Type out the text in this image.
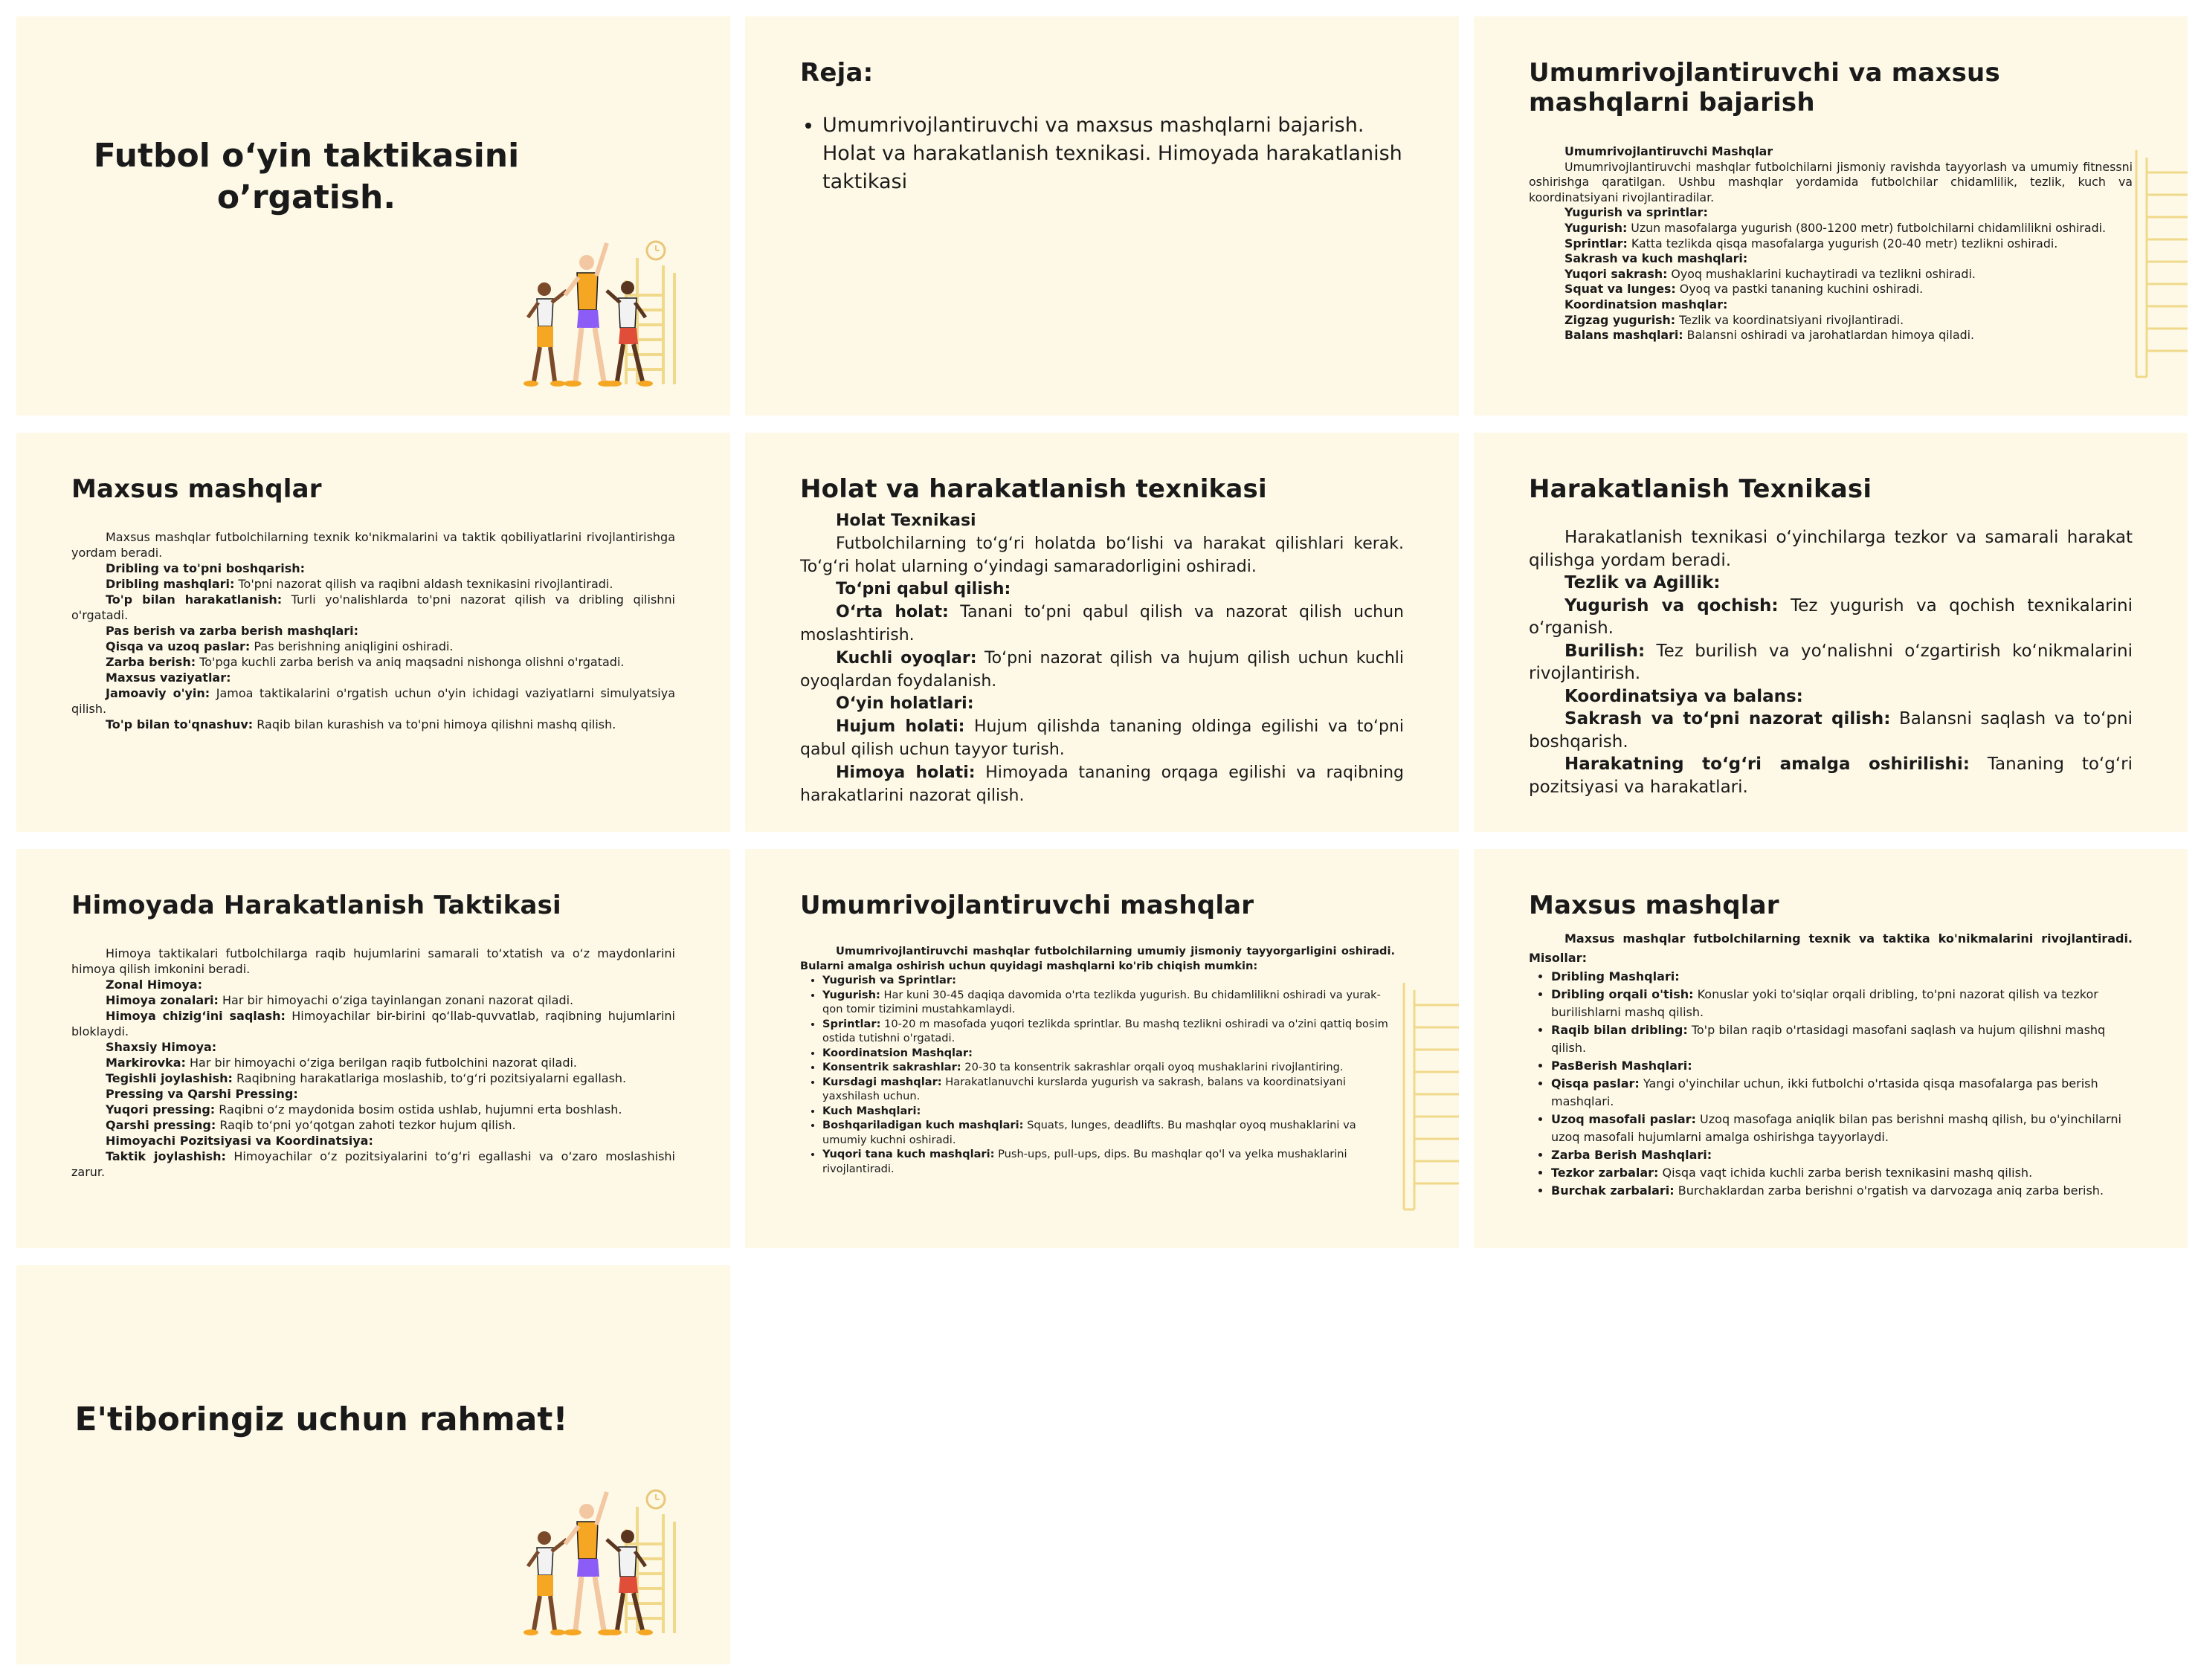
Futbol o‘yin taktikasini o’rgatish.
Reja:
• Umumrivojlantiruvchi va maxsus mashqlarni bajarish. Holat va harakatlanish texnikasi. Himoyada harakatlanish taktikasi
Umumrivojlantiruvchi va maxsus mashqlarni bajarish

Umumrivojlantiruvchi Mashqlar

Umumrivojlantiruvchi mashqlar futbolchilarni jismoniy ravishda tayyorlash va umumiy fitnessni oshirishga qaratilgan. Ushbu mashqlar yordamida futbolchilar chidamlilik, tezlik, kuch va koordinatsiyani rivojlantiradilar.

Yugurish va sprintlar:

Yugurish: Uzun masofalarga yugurish (800-1200 metr) futbolchilarni chidamlilikni oshiradi.

Sprintlar: Katta tezlikda qisqa masofalarga yugurish (20-40 metr) tezlikni oshiradi.

Sakrash va kuch mashqlari:

Yuqori sakrash: Oyoq mushaklarini kuchaytiradi va tezlikni oshiradi.

Squat va lunges: Oyoq va pastki tananing kuchini oshiradi.

Koordinatsion mashqlar:

Zigzag yugurish: Tezlik va koordinatsiyani rivojlantiradi.

Balans mashqlari: Balansni oshiradi va jarohatlardan himoya qiladi.

Maxsus mashqlar

Maxsus mashqlar futbolchilarning texnik ko'nikmalarini va taktik qobiliyatlarini rivojlantirishga yordam beradi.

Dribling va to'pni boshqarish:

Dribling mashqlari: To'pni nazorat qilish va raqibni aldash texnikasini rivojlantiradi.

To'p bilan harakatlanish: Turli yo'nalishlarda to'pni nazorat qilish va dribling qilishni o'rgatadi.

Pas berish va zarba berish mashqlari:

Qisqa va uzoq paslar: Pas berishning aniqligini oshiradi.

Zarba berish: To'pga kuchli zarba berish va aniq maqsadni nishonga olishni o'rgatadi.

Maxsus vaziyatlar:

Jamoaviy o'yin: Jamoa taktikalarini o'rgatish uchun o'yin ichidagi vaziyatlarni simulyatsiya qilish.

To'p bilan to'qnashuv: Raqib bilan kurashish va to'pni himoya qilishni mashq qilish.

Holat va harakatlanish texnikasi

Holat Texnikasi

Futbolchilarning to‘g‘ri holatda bo‘lishi va harakat qilishlari kerak. To‘g‘ri holat ularning o‘yindagi samaradorligini oshiradi.

To‘pni qabul qilish:

O‘rta holat: Tanani to‘pni qabul qilish va nazorat qilish uchun moslashtirish.

Kuchli oyoqlar: To‘pni nazorat qilish va hujum qilish uchun kuchli oyoqlardan foydalanish.

O‘yin holatlari:

Hujum holati: Hujum qilishda tananing oldinga egilishi va to‘pni qabul qilish uchun tayyor turish.

Himoya holati: Himoyada tananing orqaga egilishi va raqibning harakatlarini nazorat qilish.

Harakatlanish Texnikasi

Harakatlanish texnikasi o‘yinchilarga tezkor va samarali harakat qilishga yordam beradi.

Tezlik va Agillik:

Yugurish va qochish: Tez yugurish va qochish texnikalarini o‘rganish.

Burilish: Tez burilish va yo‘nalishni o‘zgartirish ko‘nikmalarini rivojlantirish.

Koordinatsiya va balans:

Sakrash va to‘pni nazorat qilish: Balansni saqlash va to‘pni boshqarish.

Harakatning to‘g‘ri amalga oshirilishi: Tananing to‘g‘ri pozitsiyasi va harakatlari.

Himoyada Harakatlanish Taktikasi

Himoya taktikalari futbolchilarga raqib hujumlarini samarali to‘xtatish va o‘z maydonlarini himoya qilish imkonini beradi.

Zonal Himoya:

Himoya zonalari: Har bir himoyachi o‘ziga tayinlangan zonani nazorat qiladi.

Himoya chizig‘ini saqlash: Himoyachilar bir-birini qo‘llab-quvvatlab, raqibning hujumlarini bloklaydi.

Shaxsiy Himoya:

Markirovka: Har bir himoyachi o‘ziga berilgan raqib futbolchini nazorat qiladi.

Tegishli joylashish: Raqibning harakatlariga moslashib, to‘g‘ri pozitsiyalarni egallash.

Pressing va Qarshi Pressing:

Yuqori pressing: Raqibni o‘z maydonida bosim ostida ushlab, hujumni erta boshlash.

Qarshi pressing: Raqib to‘pni yo‘qotgan zahoti tezkor hujum qilish.

Himoyachi Pozitsiyasi va Koordinatsiya:

Taktik joylashish: Himoyachilar o‘z pozitsiyalarini to‘g‘ri egallashi va o‘zaro moslashishi zarur.

Umumrivojlantiruvchi mashqlar

Umumrivojlantiruvchi mashqlar futbolchilarning umumiy jismoniy tayyorgarligini oshiradi. Bularni amalga oshirish uchun quyidagi mashqlarni ko'rib chiqish mumkin:

• Yugurish va Sprintlar:
• Yugurish: Har kuni 30-45 daqiqa davomida o'rta tezlikda yugurish. Bu chidamlilikni oshiradi va yurak-qon tomir tizimini mustahkamlaydi.
• Sprintlar: 10-20 m masofada yuqori tezlikda sprintlar. Bu mashq tezlikni oshiradi va o'zini qattiq bosim ostida tutishni o'rgatadi.
• Koordinatsion Mashqlar:
• Konsentrik sakrashlar: 20-30 ta konsentrik sakrashlar orqali oyoq mushaklarini rivojlantiring.
• Kursdagi mashqlar: Harakatlanuvchi kurslarda yugurish va sakrash, balans va koordinatsiyani yaxshilash uchun.
• Kuch Mashqlari:
• Boshqariladigan kuch mashqlari: Squats, lunges, deadlifts. Bu mashqlar oyoq mushaklarini va umumiy kuchni oshiradi.
• Yuqori tana kuch mashqlari: Push-ups, pull-ups, dips. Bu mashqlar qo'l va yelka mushaklarini rivojlantiradi.
Maxsus mashqlar

Maxsus mashqlar futbolchilarning texnik va taktika ko'nikmalarini rivojlantiradi. Misollar:

• Dribling Mashqlari:
• Dribling orqali o'tish: Konuslar yoki to'siqlar orqali dribling, to'pni nazorat qilish va tezkor burilishlarni mashq qilish.
• Raqib bilan dribling: To'p bilan raqib o'rtasidagi masofani saqlash va hujum qilishni mashq qilish.
• PasBerish Mashqlari:
• Qisqa paslar: Yangi o'yinchilar uchun, ikki futbolchi o'rtasida qisqa masofalarga pas berish mashqlari.
• Uzoq masofali paslar: Uzoq masofaga aniqlik bilan pas berishni mashq qilish, bu o'yinchilarni uzoq masofali hujumlarni amalga oshirishga tayyorlaydi.
• Zarba Berish Mashqlari:
• Tezkor zarbalar: Qisqa vaqt ichida kuchli zarba berish texnikasini mashq qilish.
• Burchak zarbalari: Burchaklardan zarba berishni o'rgatish va darvozaga aniq zarba berish.
E'tiboringiz uchun rahmat!
